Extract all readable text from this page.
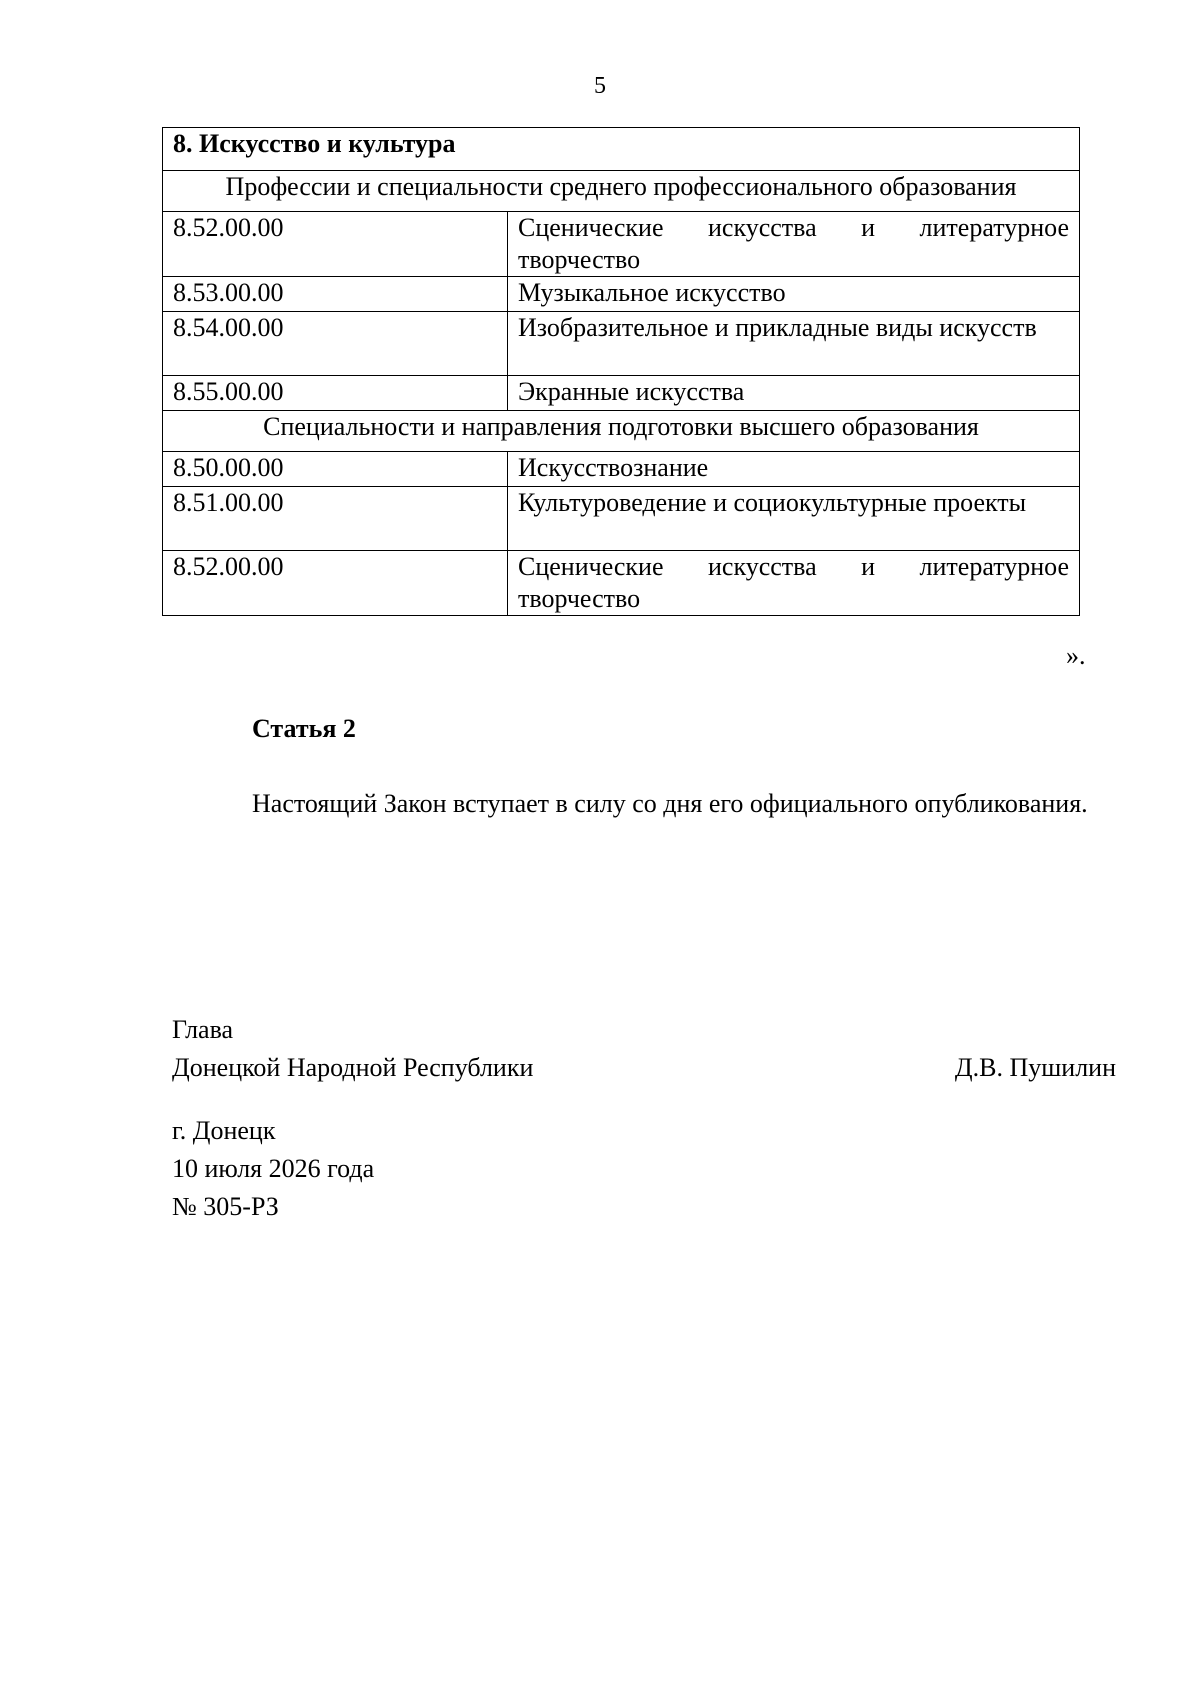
5
8. Искусство и культура	
Профессии и специальности среднего профессионального образования	
8.52.00.00	Сценические искусства и литературное творчество
8.53.00.00	Музыкальное искусство
8.54.00.00	Изобразительное и прикладные виды искусств
8.55.00.00	Экранные искусства
Специальности и направления подготовки высшего образования	
8.50.00.00	Искусствознание
8.51.00.00	Культуроведение и социокультурные проекты
8.52.00.00	Сценические искусства и литературное творчество
».
Статья 2
Настоящий Закон вступает в силу со дня его официального опубликования.
Глава
Донецкой Народной Республики	Д.В. Пушилин
г. Донецк
10 июля 2026 года
№ 305-РЗ
